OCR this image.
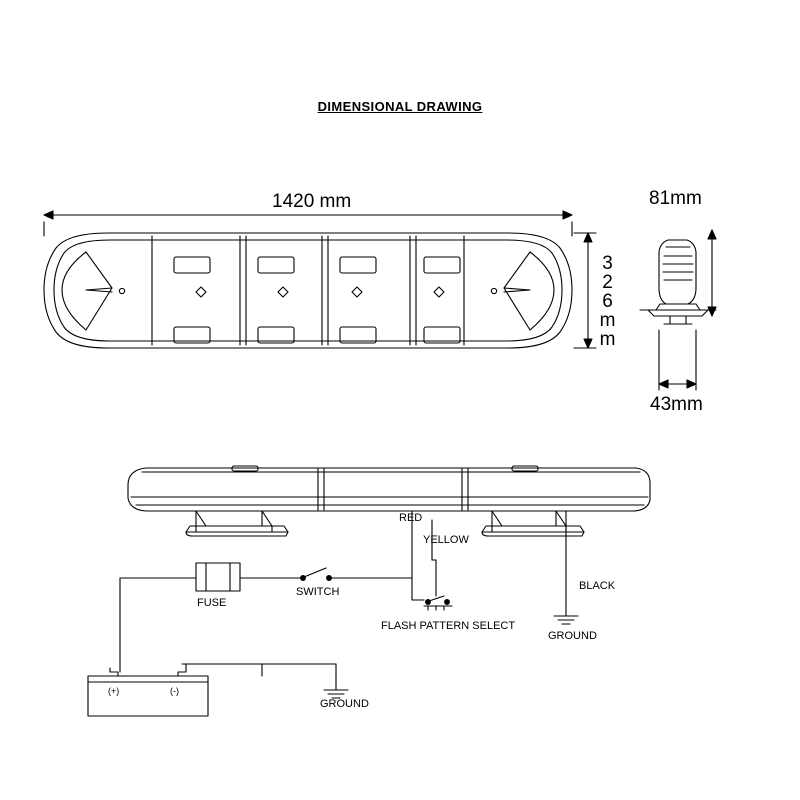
DIMENSIONAL DRAWING
1420 mm
326mm
81mm
43mm
RED
YELLOW
BLACK
FUSE
SWITCH
FLASH PATTERN SELECT
GROUND
GROUND
(+)	(-)
